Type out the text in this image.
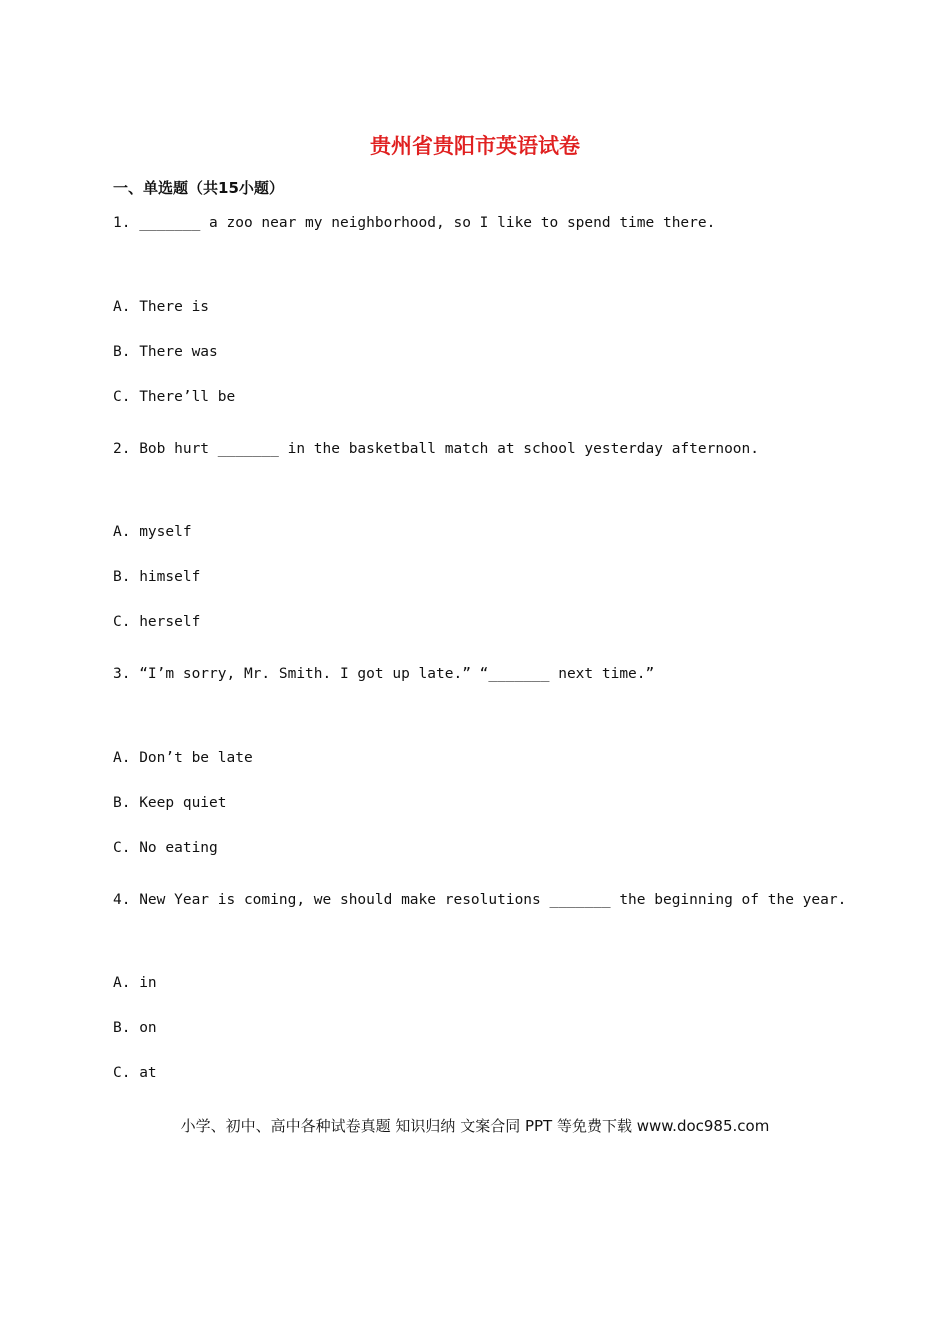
贵州省贵阳市英语试卷
一、单选题（共15小题）
1. _______ a zoo near my neighborhood, so I like to spend time there.
A. There is
B. There was
C. There’ll be
2. Bob hurt _______ in the basketball match at school yesterday afternoon.
A. myself
B. himself
C. herself
3. “I’m sorry, Mr. Smith. I got up late.” “_______ next time.”
A. Don’t be late
B. Keep quiet
C. No eating
4. New Year is coming, we should make resolutions _______ the beginning of the year.
A. in
B. on
C. at
小学、初中、高中各种试卷真题 知识归纳 文案合同 PPT 等免费下载 www.doc985.com
